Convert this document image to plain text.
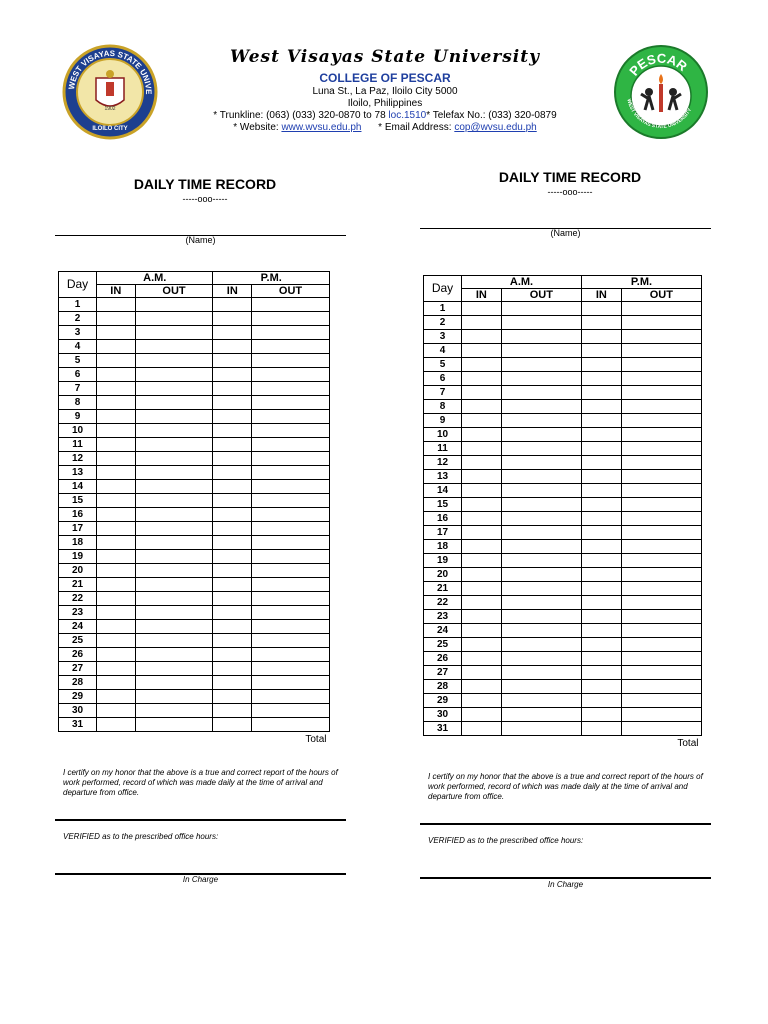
WEST VISAYAS STATE UNIVE
ILOILO CITY
1902
PESCAR
WEST VISAYAS STATE UNIVERSITY
West Visayas State University
COLLEGE OF PESCAR
Luna St., La Paz, Iloilo City 5000
Iloilo, Philippines
* Trunkline: (063) (033) 320-0870 to 78 loc.1510* Telefax No.: (033) 320-0879
* Website: www.wvsu.edu.ph * Email Address: cop@wvsu.edu.ph
DAILY TIME RECORD
-----ooo-----
(Name)
Day	A.M.		P.M.	
	IN	OUT	IN	OUT
1				
2				
3				
4				
5				
6				
7				
8				
9				
10				
11				
12				
13				
14				
15				
16				
17				
18				
19				
20				
21				
22				
23				
24				
25				
26				
27				
28				
29				
30				
31				
Total				
I certify on my honor that the above is a true and correct report of the hours of work performed, record of which was made daily at the time of arrival and departure from office.
VERIFIED as to the prescribed office hours:
In Charge
DAILY TIME RECORD
-----ooo-----
(Name)
Day	A.M.		P.M.	
	IN	OUT	IN	OUT
1				
2				
3				
4				
5				
6				
7				
8				
9				
10				
11				
12				
13				
14				
15				
16				
17				
18				
19				
20				
21				
22				
23				
24				
25				
26				
27				
28				
29				
30				
31				
Total				
I certify on my honor that the above is a true and correct report of the hours of work performed, record of which was made daily at the time of arrival and departure from office.
VERIFIED as to the prescribed office hours:
In Charge
